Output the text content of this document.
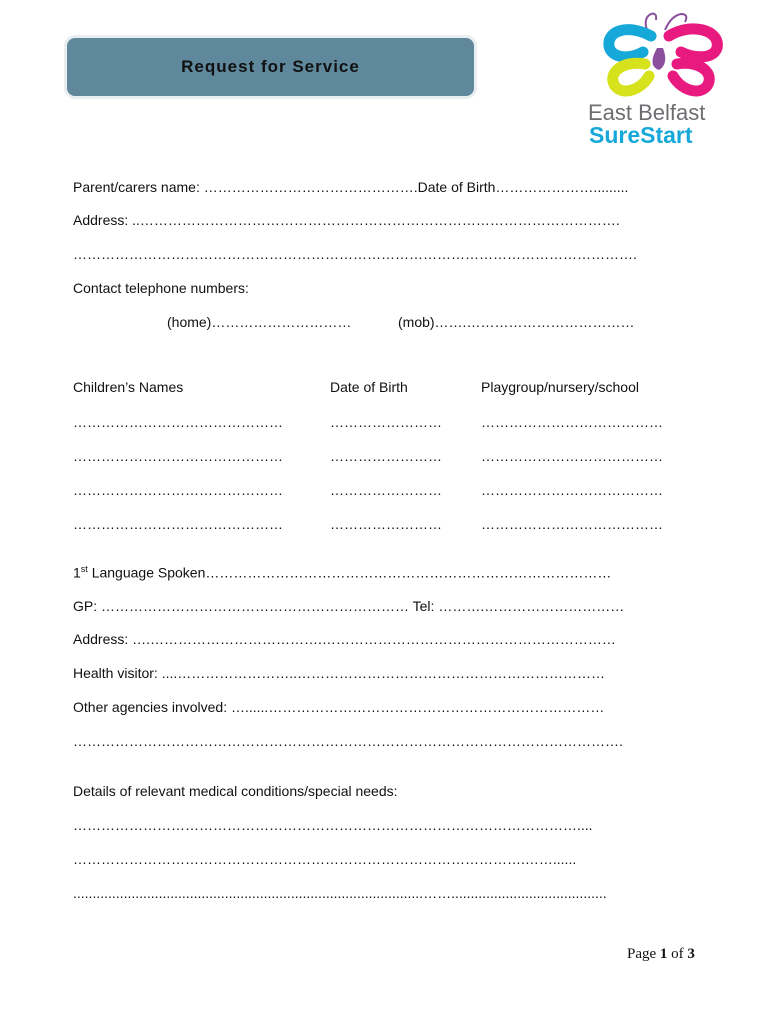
Request for Service
East Belfast
SureStart
Parent/carers name: ……………………………………….Date of Birth………………….........
Address: ..………………………………………………………………………………………….
………………………………………………………………………………………………………….
Contact telephone numbers:
(home)…………………………	(mob)…….………………………………
Children’s Names	Date of Birth	Playgroup/nursery/school
………………………………………	……………………	…………………………………
………………………………………	……………………	…………………………………
………………………………………	……………………	…………………………………
………………………………………	……………………	…………………………………
1st Language Spoken……………………………………………………………………………
GP: ………………………………………………………… Tel: ……….…………………………
Address: ….……………………………….………………………………………………………
Health visitor: ....……………………..…………………………………………………………
Other agencies involved: …......………………………………………………………………
……………………………………………………………………………………………………….
Details of relevant medical conditions/special needs:
………………………………………………………………………………………………....
…………………………………………………………………………………….……......
..........................................................................................……........................................
Page 1 of 3
